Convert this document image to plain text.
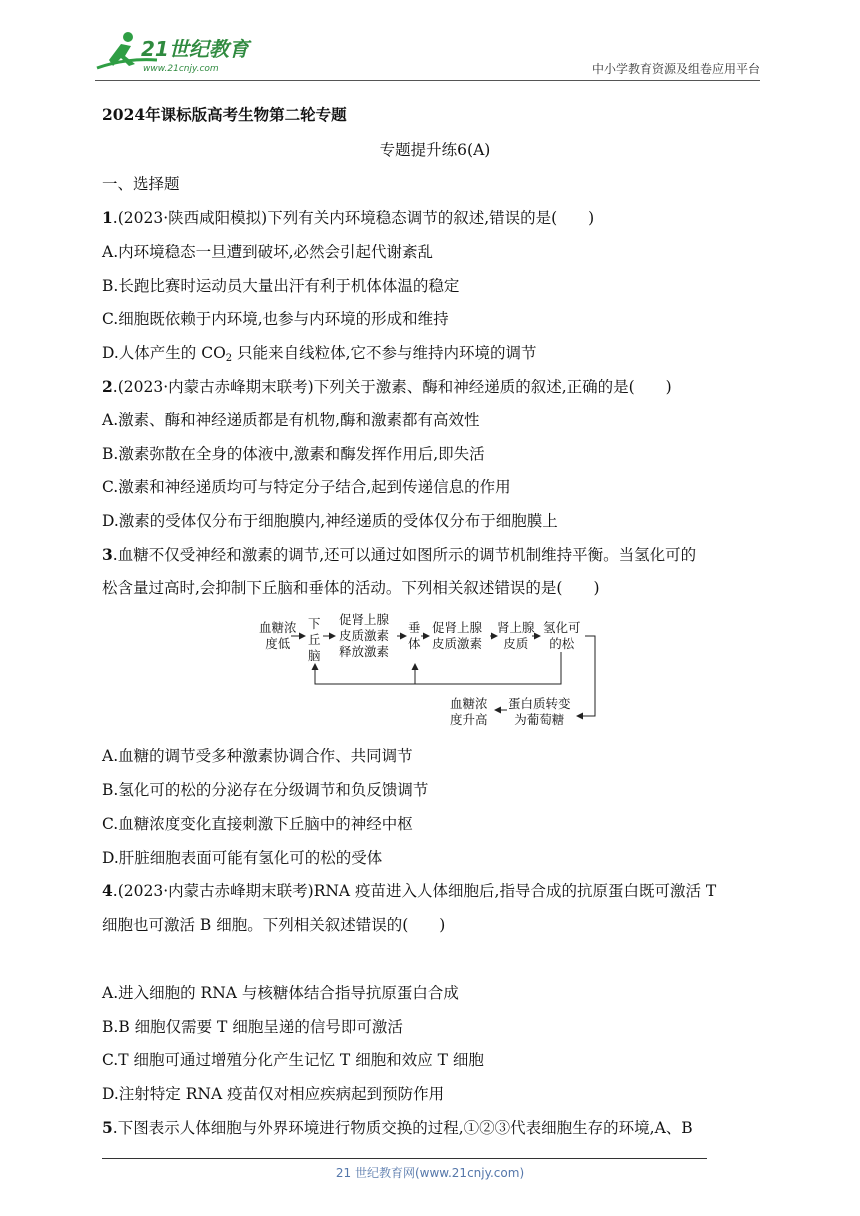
21世纪教育
www.21cnjy.com	中小学教育资源及组卷应用平台
2024年课标版高考生物第二轮专题
专题提升练6(A)
一、选择题
1.(2023·陕西咸阳模拟)下列有关内环境稳态调节的叙述,错误的是(　　)
A.内环境稳态一旦遭到破坏,必然会引起代谢紊乱
B.长跑比赛时运动员大量出汗有利于机体体温的稳定
C.细胞既依赖于内环境,也参与内环境的形成和维持
D.人体产生的 $CO_2$ 只能来自线粒体,它不参与维持内环境的调节
2.(2023·内蒙古赤峰期末联考)下列关于激素、酶和神经递质的叙述,正确的是(　　)
A.激素、酶和神经递质都是有机物,酶和激素都有高效性
B.激素弥散在全身的体液中,激素和酶发挥作用后,即失活
C.激素和神经递质均可与特定分子结合,起到传递信息的作用
D.激素的受体仅分布于细胞膜内,神经递质的受体仅分布于细胞膜上
3.血糖不仅受神经和激素的调节,还可以通过如图所示的调节机制维持平衡。当氢化可的
松含量过高时,会抑制下丘脑和垂体的活动。下列相关叙述错误的是(　　)
A.血糖的调节受多种激素协调合作、共同调节
B.氢化可的松的分泌存在分级调节和负反馈调节
C.血糖浓度变化直接刺激下丘脑中的神经中枢
D.肝脏细胞表面可能有氢化可的松的受体
4.(2023·内蒙古赤峰期末联考)RNA 疫苗进入人体细胞后,指导合成的抗原蛋白既可激活 T
细胞也可激活 B 细胞。下列相关叙述错误的(　　)
A.进入细胞的 RNA 与核糖体结合指导抗原蛋白合成
B.B 细胞仅需要 T 细胞呈递的信号即可激活
C.T 细胞可通过增殖分化产生记忆 T 细胞和效应 T 细胞
D.注射特定 RNA 疫苗仅对相应疾病起到预防作用
5.下图表示人体细胞与外界环境进行物质交换的过程,①②③代表细胞生存的环境,A、B
血糖浓
度低
下
丘
脑
促肾上腺
皮质激素
释放激素
垂
体
促肾上腺
皮质激素
肾上腺
皮质
氢化可
的松
蛋白质转变
为葡萄糖
血糖浓
度升高
21 世纪教育网(www.21cnjy.com)
